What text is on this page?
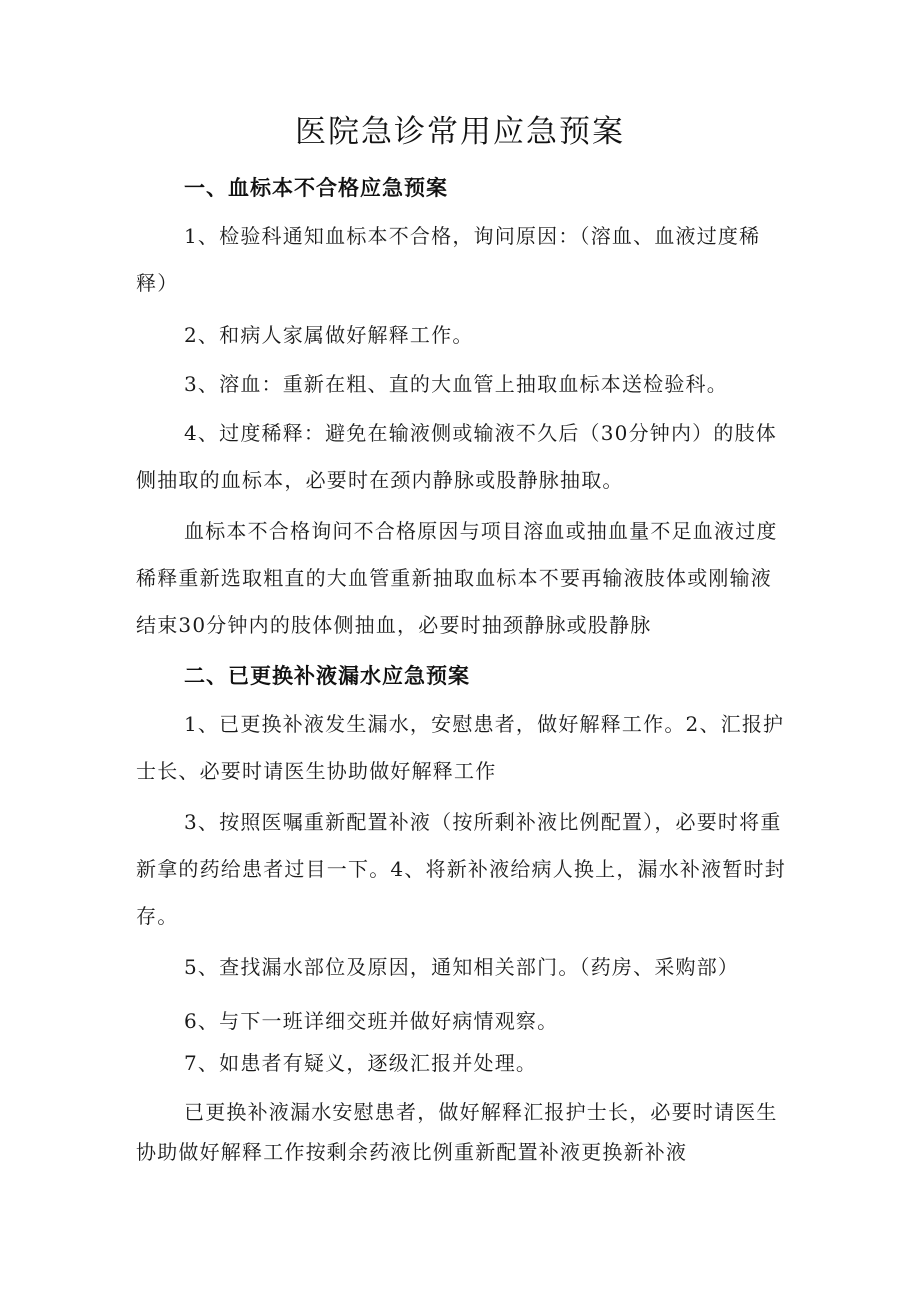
医院急诊常用应急预案
一、血标本不合格应急预案

1、检验科通知血标本不合格，询问原因：（溶血、血液过度稀释）

2、和病人家属做好解释工作。
3、溶血：重新在粗、直的大血管上抽取血标本送检验科。

4、过度稀释：避免在输液侧或输液不久后（30分钟内）的肢体侧抽取的血标本，必要时在颈内静脉或股静脉抽取。

血标本不合格询问不合格原因与项目溶血或抽血量不足血液过度稀释重新选取粗直的大血管重新抽取血标本不要再输液肢体或刚输液结束30分钟内的肢体侧抽血，必要时抽颈静脉或股静脉

二、已更换补液漏水应急预案

1、已更换补液发生漏水，安慰患者，做好解释工作。2、汇报护士长、必要时请医生协助做好解释工作

3、按照医嘱重新配置补液（按所剩补液比例配置），必要时将重新拿的药给患者过目一下。4、将新补液给病人换上，漏水补液暂时封存。

5、查找漏水部位及原因，通知相关部门。（药房、采购部）
6、与下一班详细交班并做好病情观察。
7、如患者有疑义，逐级汇报并处理。

已更换补液漏水安慰患者，做好解释汇报护士长，必要时请医生协助做好解释工作按剩余药液比例重新配置补液更换新补液
